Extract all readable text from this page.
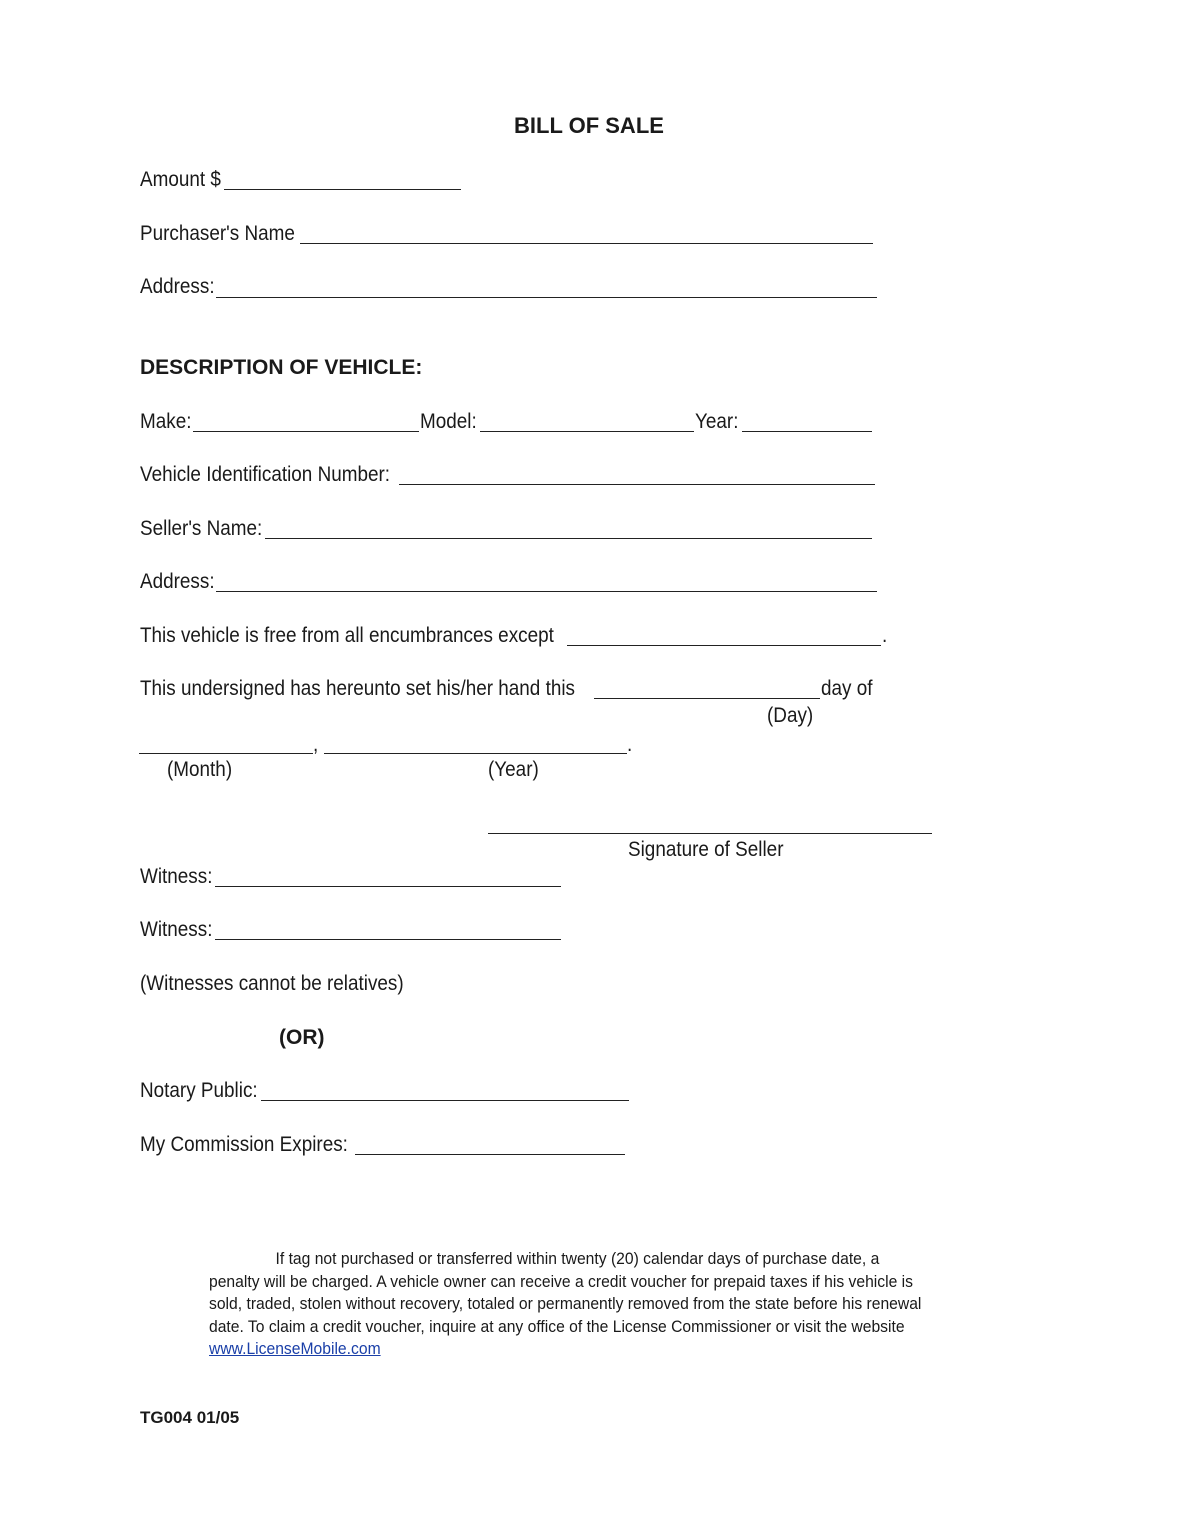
BILL OF SALE
Amount $
Purchaser's Name
Address:
DESCRIPTION OF VEHICLE:
Make:	Model:	Year:
Vehicle Identification Number:
Seller's Name:
Address:
This vehicle is free from all encumbrances except	.
This undersigned has hereunto set his/her hand this	day of
(Day)
,	.
(Month)	(Year)
Signature of Seller
Witness:
Witness:
(Witnesses cannot be relatives)
(OR)
Notary Public:
My Commission Expires:
If tag not purchased or transferred within twenty (20) calendar days of purchase date, a
penalty will be charged. A vehicle owner can receive a credit voucher for prepaid taxes if his vehicle is
sold, traded, stolen without recovery, totaled or permanently removed from the state before his renewal
date. To claim a credit voucher, inquire at any office of the License Commissioner or visit the website
www.LicenseMobile.com
TG004 01/05
